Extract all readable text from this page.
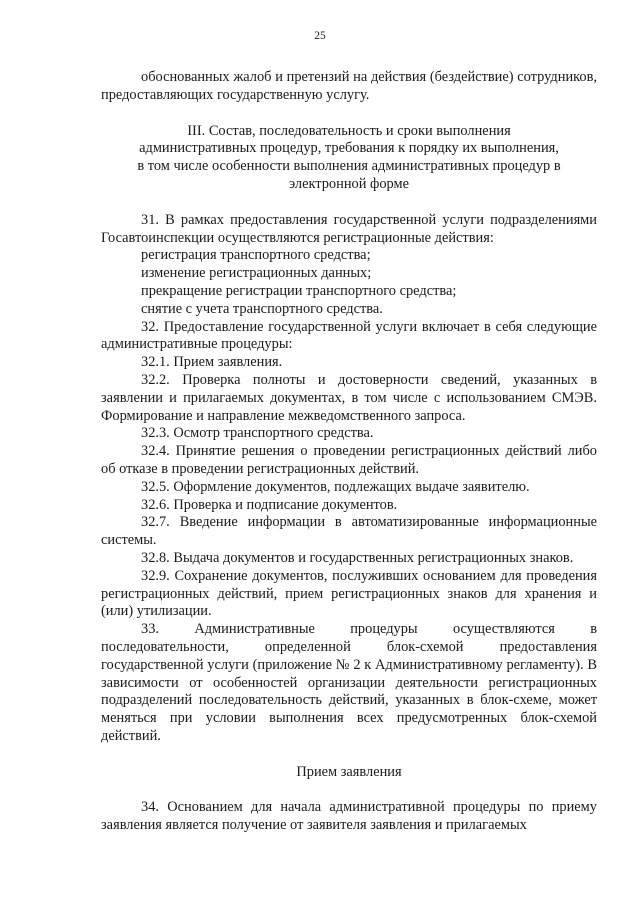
25

обоснованных жалоб и претензий на действия (бездействие) сотрудников, предоставляющих государственную услугу.

III. Состав, последовательность и сроки выполнения
административных процедур, требования к порядку их выполнения,
в том числе особенности выполнения административных процедур в
электронной форме

31. В рамках предоставления государственной услуги подразделениями Госавтоинспекции осуществляются регистрационные действия:

регистрация транспортного средства;

изменение регистрационных данных;

прекращение регистрации транспортного средства;

снятие с учета транспортного средства.

32. Предоставление государственной услуги включает в себя следующие административные процедуры:

32.1. Прием заявления.

32.2. Проверка полноты и достоверности сведений, указанных в заявлении и прилагаемых документах, в том числе с использованием СМЭВ. Формирование и направление межведомственного запроса.

32.3. Осмотр транспортного средства.

32.4. Принятие решения о проведении регистрационных действий либо об отказе в проведении регистрационных действий.

32.5. Оформление документов, подлежащих выдаче заявителю.

32.6. Проверка и подписание документов.

32.7. Введение информации в автоматизированные информационные системы.

32.8. Выдача документов и государственных регистрационных знаков.

32.9. Сохранение документов, послуживших основанием для проведения регистрационных действий, прием регистрационных знаков для хранения и (или) утилизации.

33. Административные процедуры осуществляются в последовательности, определенной блок-схемой предоставления государственной услуги (приложение № 2 к Административному регламенту). В зависимости от особенностей организации деятельности регистрационных подразделений последовательность действий, указанных в блок-схеме, может меняться при условии выполнения всех предусмотренных блок-схемой действий.

Прием заявления

34. Основанием для начала административной процедуры по приему заявления является получение от заявителя заявления и прилагаемых
